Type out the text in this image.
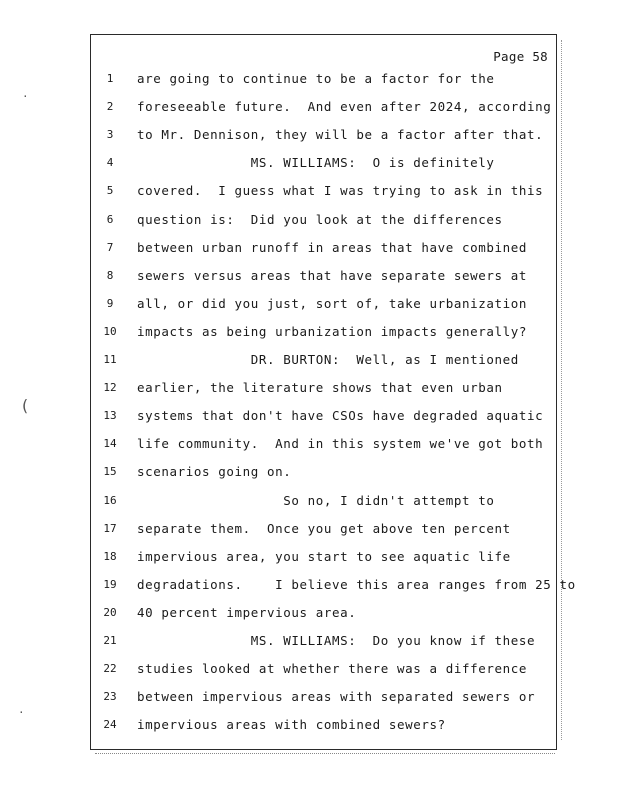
Page 58
1	are going to continue to be a factor for the
2	foreseeable future.  And even after 2024, according
3	to Mr. Dennison, they will be a factor after that.
4	MS. WILLIAMS:  O is definitely
5	covered.  I guess what I was trying to ask in this
6	question is:  Did you look at the differences
7	between urban runoff in areas that have combined
8	sewers versus areas that have separate sewers at
9	all, or did you just, sort of, take urbanization
10	impacts as being urbanization impacts generally?
11	DR. BURTON:  Well, as I mentioned
12	earlier, the literature shows that even urban
13	systems that don't have CSOs have degraded aquatic
14	life community.  And in this system we've got both
15	scenarios going on.
16	So no, I didn't attempt to
17	separate them.  Once you get above ten percent
18	impervious area, you start to see aquatic life
19	degradations.    I believe this area ranges from 25 to
20	40 percent impervious area.
21	MS. WILLIAMS:  Do you know if these
22	studies looked at whether there was a difference
23	between impervious areas with separated sewers or
24	impervious areas with combined sewers?
·
(
·
